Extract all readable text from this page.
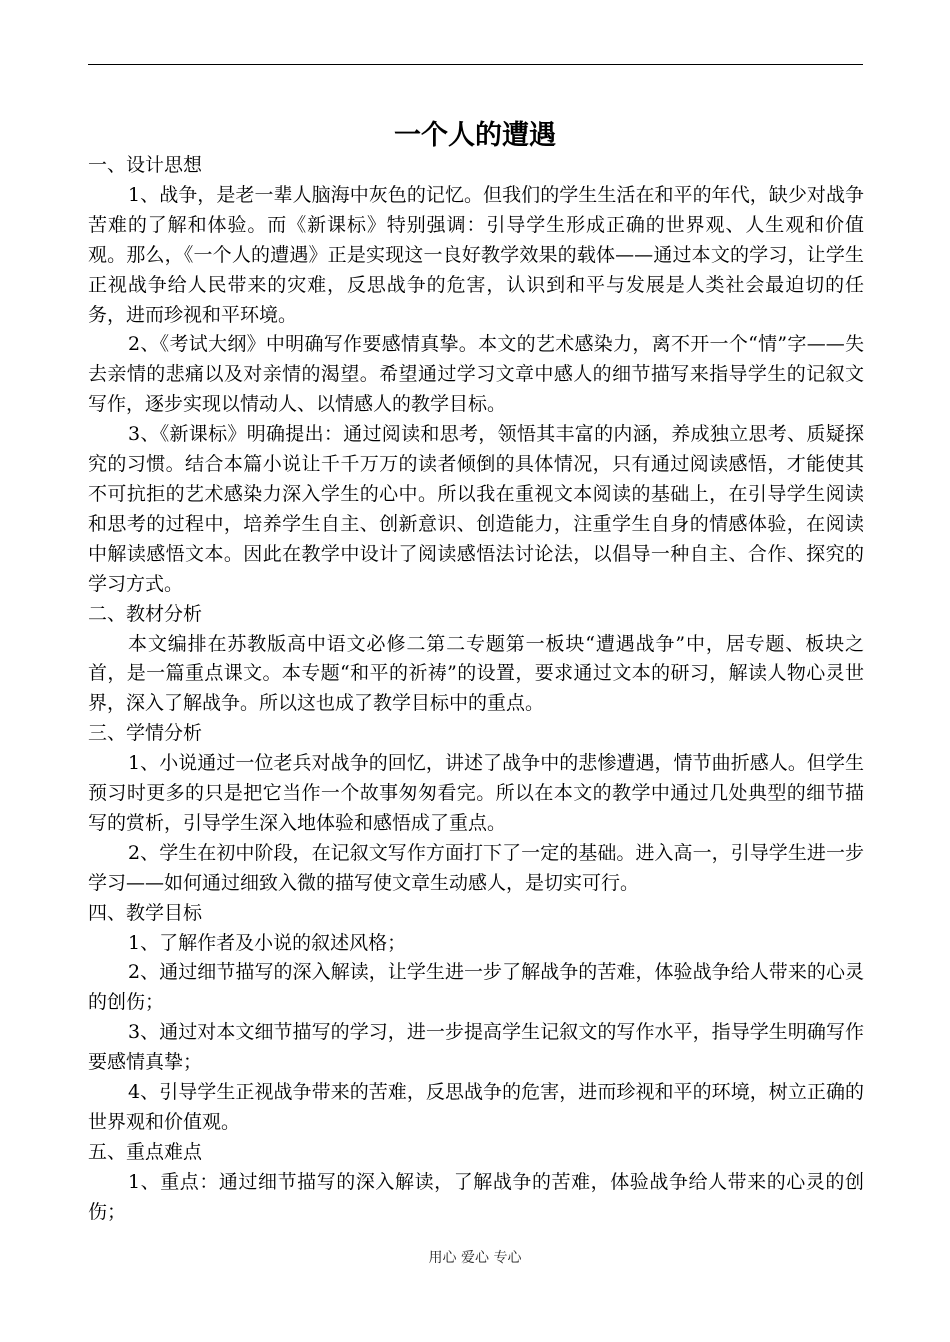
一个人的遭遇

一、设计思想

1、战争，是老一辈人脑海中灰色的记忆。但我们的学生生活在和平的年代，缺少对战争苦难的了解和体验。而《新课标》特别强调：引导学生形成正确的世界观、人生观和价值观。那么，《一个人的遭遇》正是实现这一良好教学效果的载体——通过本文的学习，让学生正视战争给人民带来的灾难，反思战争的危害，认识到和平与发展是人类社会最迫切的任务，进而珍视和平环境。

2、《考试大纲》中明确写作要感情真挚。本文的艺术感染力，离不开一个“情”字——失去亲情的悲痛以及对亲情的渴望。希望通过学习文章中感人的细节描写来指导学生的记叙文写作，逐步实现以情动人、以情感人的教学目标。

3、《新课标》明确提出：通过阅读和思考，领悟其丰富的内涵，养成独立思考、质疑探究的习惯。结合本篇小说让千千万万的读者倾倒的具体情况，只有通过阅读感悟，才能使其不可抗拒的艺术感染力深入学生的心中。所以我在重视文本阅读的基础上，在引导学生阅读和思考的过程中，培养学生自主、创新意识、创造能力，注重学生自身的情感体验，在阅读中解读感悟文本。因此在教学中设计了阅读感悟法讨论法，以倡导一种自主、合作、探究的学习方式。

二、教材分析

本文编排在苏教版高中语文必修二第二专题第一板块“遭遇战争”中，居专题、板块之首，是一篇重点课文。本专题“和平的祈祷”的设置，要求通过文本的研习，解读人物心灵世界，深入了解战争。所以这也成了教学目标中的重点。

三、学情分析

1、小说通过一位老兵对战争的回忆，讲述了战争中的悲惨遭遇，情节曲折感人。但学生预习时更多的只是把它当作一个故事匆匆看完。所以在本文的教学中通过几处典型的细节描写的赏析，引导学生深入地体验和感悟成了重点。

2、学生在初中阶段，在记叙文写作方面打下了一定的基础。进入高一，引导学生进一步学习——如何通过细致入微的描写使文章生动感人，是切实可行。

四、教学目标

1、了解作者及小说的叙述风格；

2、通过细节描写的深入解读，让学生进一步了解战争的苦难，体验战争给人带来的心灵的创伤；

3、通过对本文细节描写的学习，进一步提高学生记叙文的写作水平，指导学生明确写作要感情真挚；

4、引导学生正视战争带来的苦难，反思战争的危害，进而珍视和平的环境，树立正确的世界观和价值观。

五、重点难点

1、重点：通过细节描写的深入解读，了解战争的苦难，体验战争给人带来的心灵的创伤；

用心 爱心 专心
